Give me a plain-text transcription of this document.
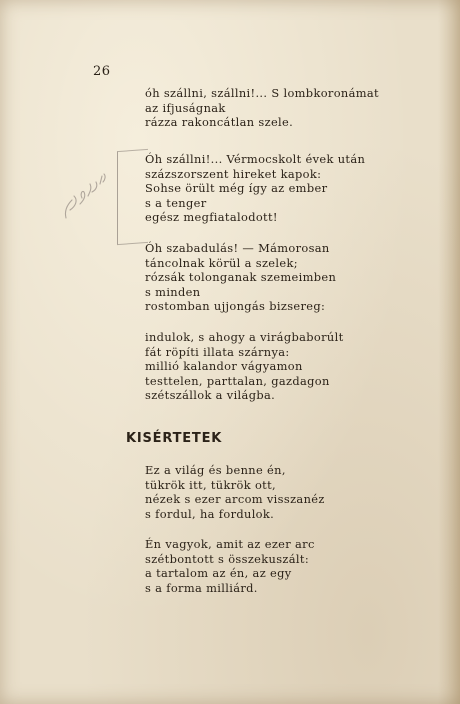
26
óh szállni, szállni!... S lombkoronámat
az ifjuságnak
rázza rakoncátlan szele.
Óh szállni!... Vérmocskolt évek után
százszorszent hireket kapok:
Sohse örült még így az ember
s a tenger
egész megfiatalodott!
Óh szabadulás! — Mámorosan
táncolnak körül a szelek;
rózsák tolonganak szemeimben
s minden
rostomban ujjongás bizsereg:
indulok, s ahogy a virágbaborúlt
fát röpíti illata szárnya:
millió kalandor vágyamon
testtelen, parttalan, gazdagon
szétszállok a világba.
KISÉRTETEK
Ez a világ és benne én,
tükrök itt, tükrök ott,
nézek s ezer arcom visszanéz
s fordul, ha fordulok.
Én vagyok, amit az ezer arc
szétbontott s összekuszált:
a tartalom az én, az egy
s a forma milliárd.
